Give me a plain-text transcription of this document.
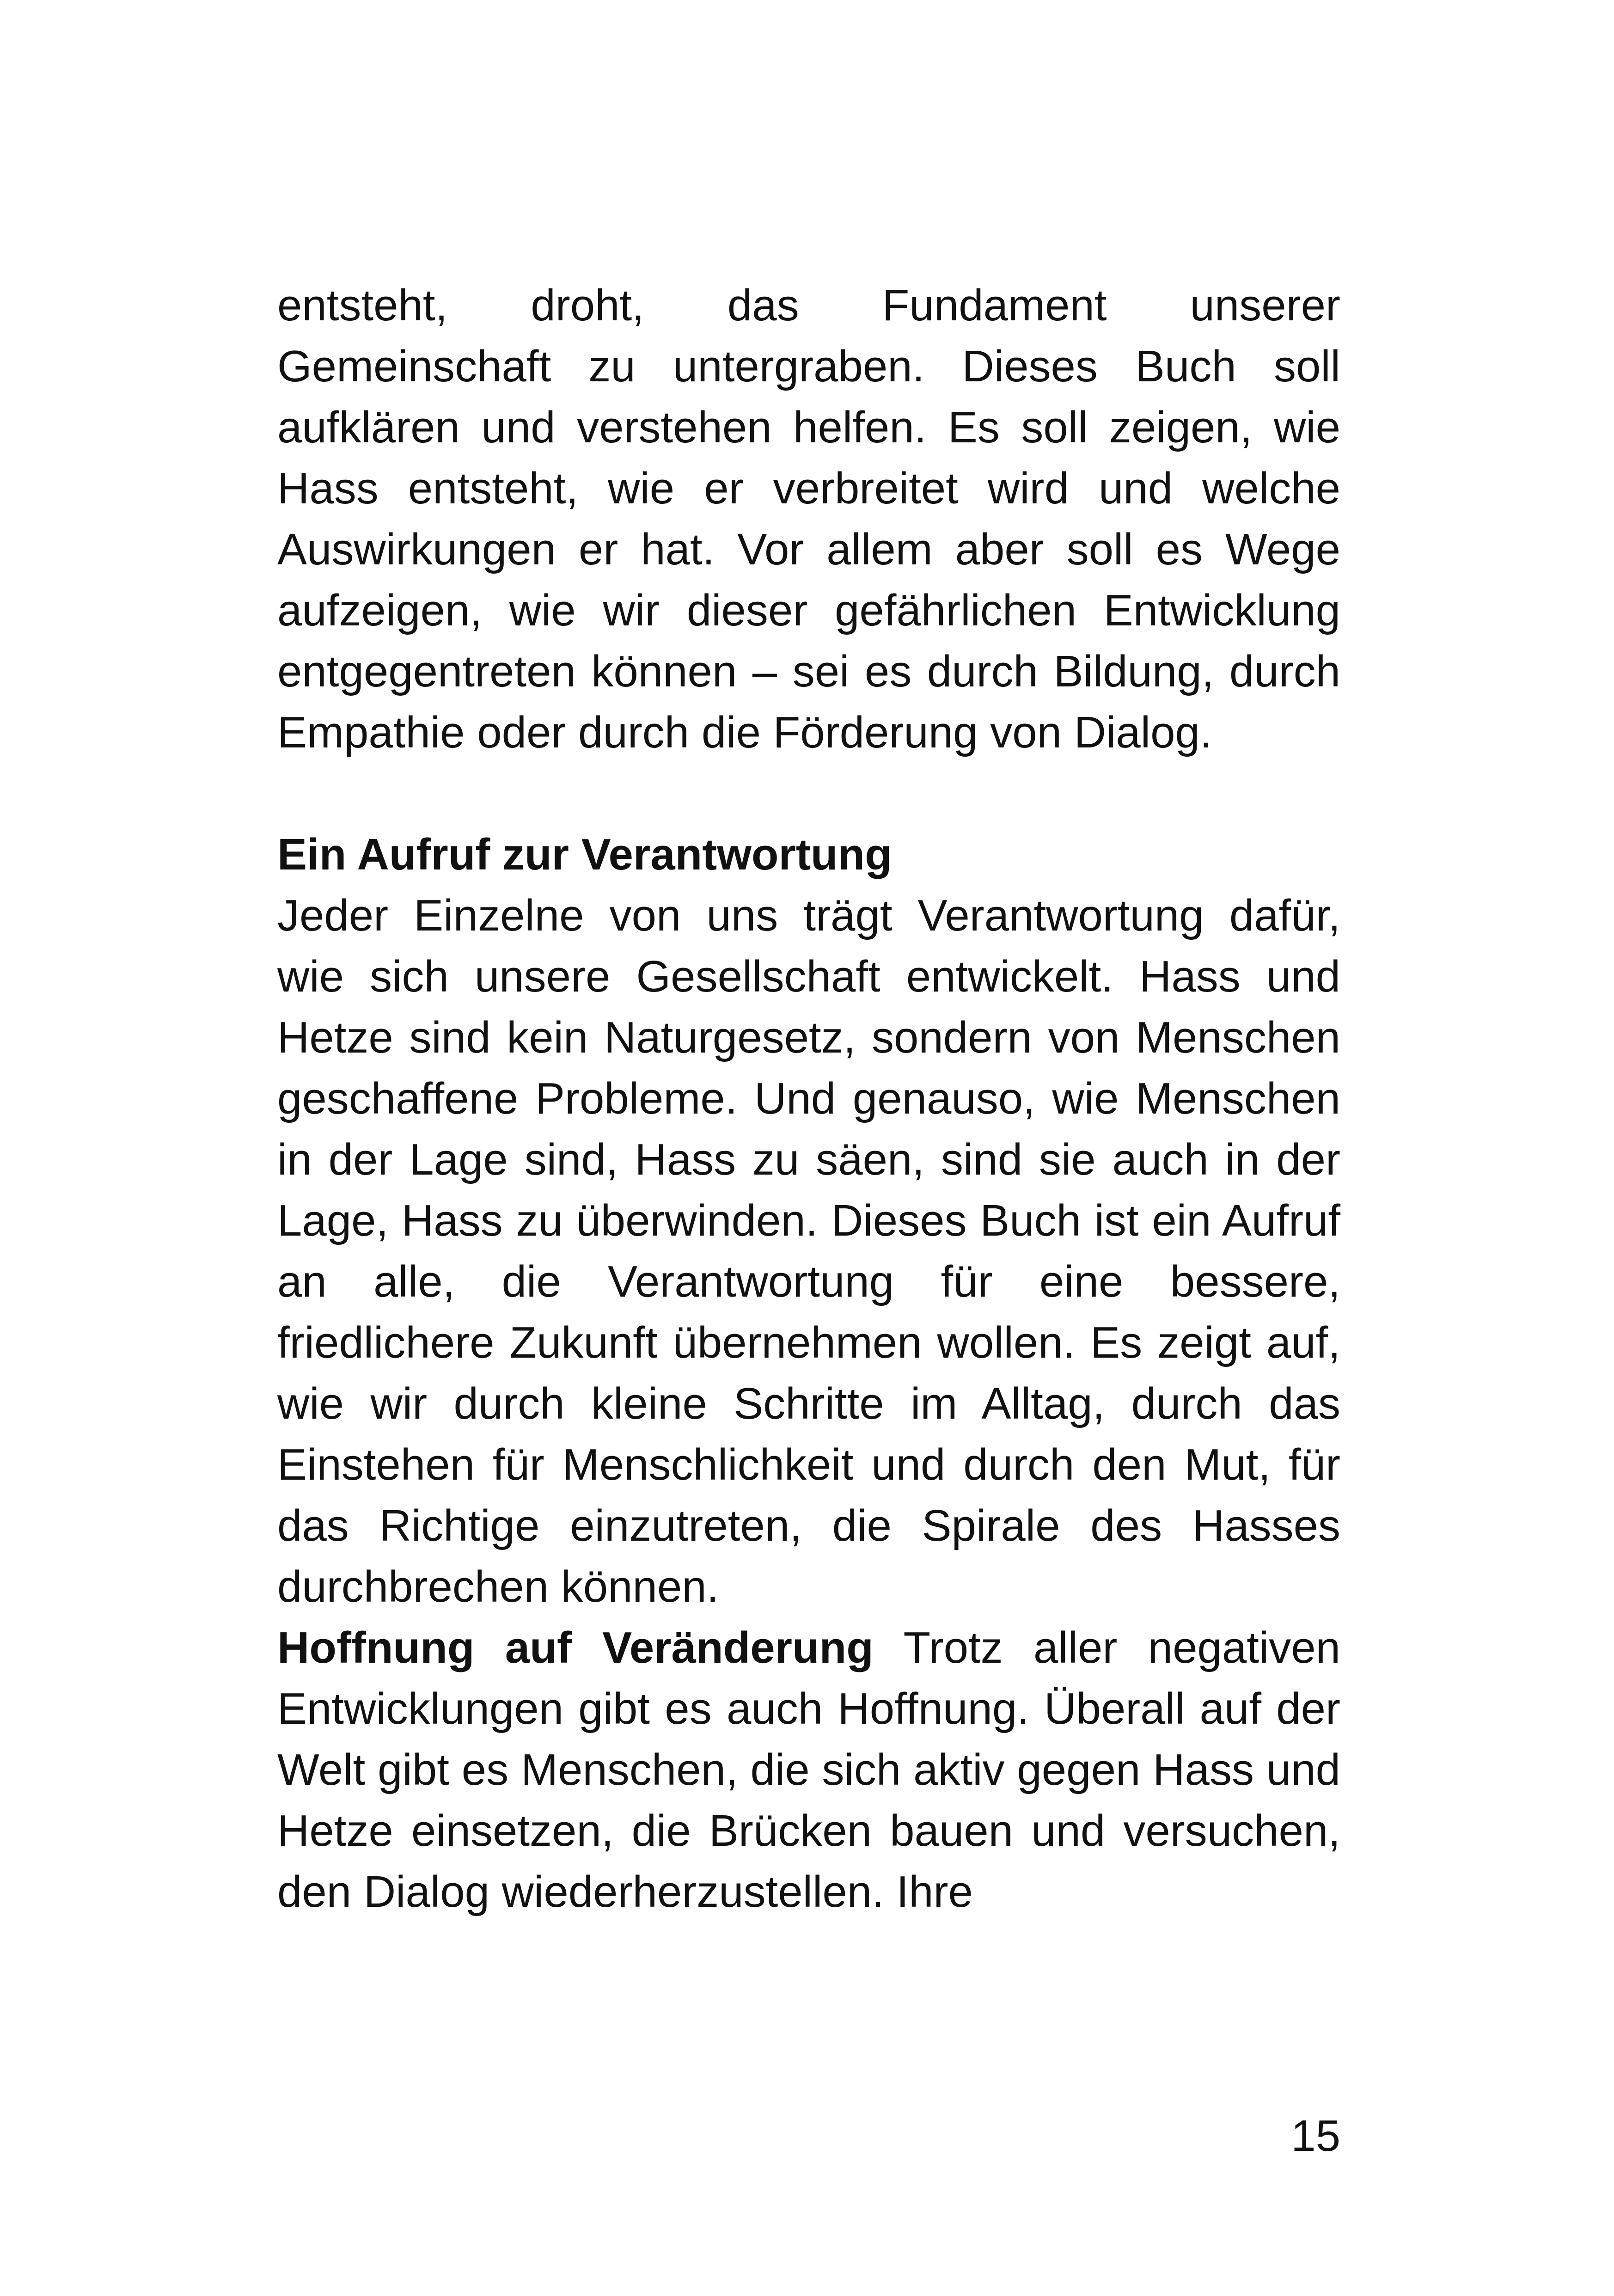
entsteht, droht, das Fundament unserer Gemeinschaft zu untergraben. Dieses Buch soll aufklären und verstehen helfen. Es soll zeigen, wie Hass entsteht, wie er verbreitet wird und welche Auswirkungen er hat. Vor allem aber soll es Wege aufzeigen, wie wir dieser gefährlichen Entwicklung entgegentreten können – sei es durch Bildung, durch Empathie oder durch die Förderung von Dialog.

Ein Aufruf zur Verantwortung

Jeder Einzelne von uns trägt Verantwortung dafür, wie sich unsere Gesellschaft entwickelt. Hass und Hetze sind kein Naturgesetz, sondern von Menschen geschaffene Probleme. Und genauso, wie Menschen in der Lage sind, Hass zu säen, sind sie auch in der Lage, Hass zu überwinden. Dieses Buch ist ein Aufruf an alle, die Verantwortung für eine bessere, friedlichere Zukunft übernehmen wollen. Es zeigt auf, wie wir durch kleine Schritte im Alltag, durch das Einstehen für Menschlichkeit und durch den Mut, für das Richtige einzutreten, die Spirale des Hasses durchbrechen können.

Hoffnung auf Veränderung Trotz aller negativen Entwicklungen gibt es auch Hoffnung. Überall auf der Welt gibt es Menschen, die sich aktiv gegen Hass und Hetze einsetzen, die Brücken bauen und versuchen, den Dialog wiederherzustellen. Ihre

15
